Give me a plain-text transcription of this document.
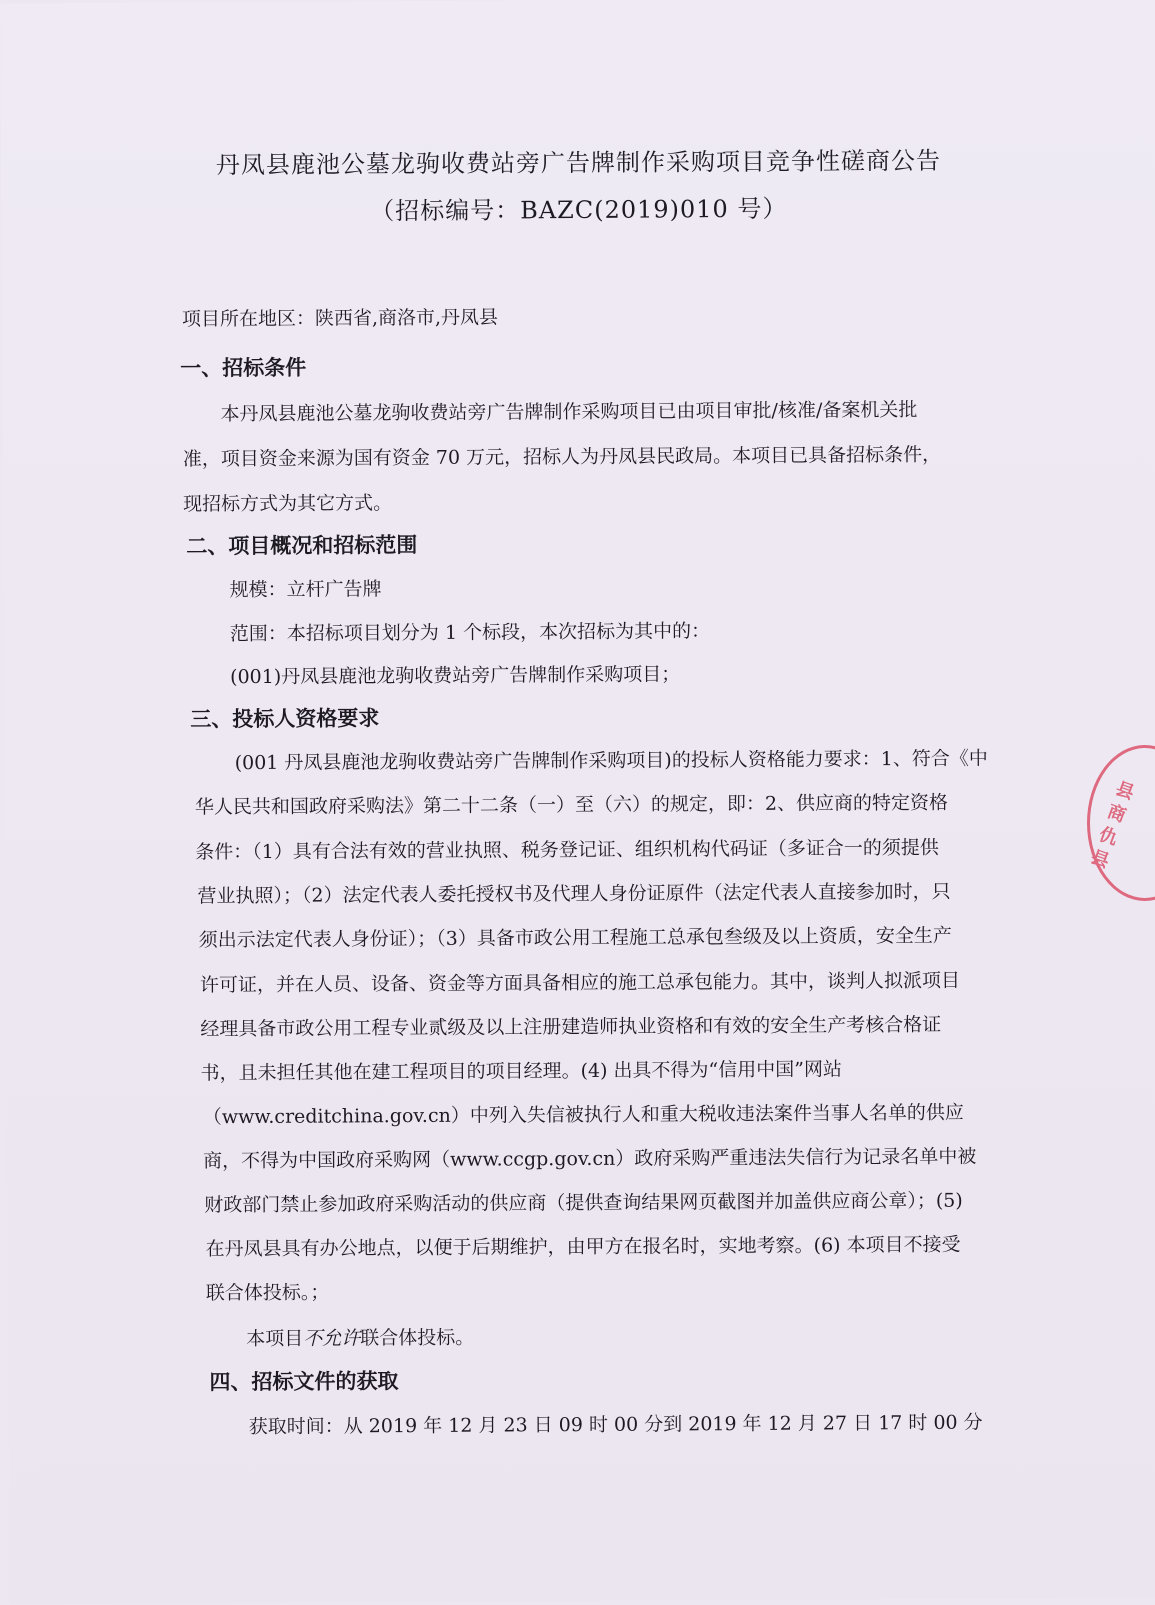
丹凤县鹿池公墓龙驹收费站旁广告牌制作采购项目竞争性磋商公告
（招标编号：BAZC(2019)010 号）
项目所在地区：陕西省,商洛市,丹凤县
一、招标条件
本丹凤县鹿池公墓龙驹收费站旁广告牌制作采购项目已由项目审批/核准/备案机关批
准，项目资金来源为国有资金 70 万元，招标人为丹凤县民政局。本项目已具备招标条件，
现招标方式为其它方式。
二、项目概况和招标范围
规模：立杆广告牌
范围：本招标项目划分为 1 个标段，本次招标为其中的：
(001)丹凤县鹿池龙驹收费站旁广告牌制作采购项目；
三、投标人资格要求
(001 丹凤县鹿池龙驹收费站旁广告牌制作采购项目)的投标人资格能力要求：1、符合《中
华人民共和国政府采购法》第二十二条（一）至（六）的规定，即：2、供应商的特定资格
条件：（1）具有合法有效的营业执照、税务登记证、组织机构代码证（多证合一的须提供
营业执照）；（2）法定代表人委托授权书及代理人身份证原件（法定代表人直接参加时，只
须出示法定代表人身份证）；（3）具备市政公用工程施工总承包叁级及以上资质，安全生产
许可证，并在人员、设备、资金等方面具备相应的施工总承包能力。其中，谈判人拟派项目
经理具备市政公用工程专业贰级及以上注册建造师执业资格和有效的安全生产考核合格证
书，且未担任其他在建工程项目的项目经理。(4) 出具不得为“信用中国”网站
（www.creditchina.gov.cn）中列入失信被执行人和重大税收违法案件当事人名单的供应
商，不得为中国政府采购网（www.ccgp.gov.cn）政府采购严重违法失信行为记录名单中被
财政部门禁止参加政府采购活动的供应商（提供查询结果网页截图并加盖供应商公章）；(5)
在丹凤县具有办公地点，以便于后期维护，由甲方在报名时，实地考察。(6) 本项目不接受
联合体投标。；
本项目不允许联合体投标。
四、招标文件的获取
获取时间：从 2019 年 12 月 23 日 09 时 00 分到 2019 年 12 月 27 日 17 时 00 分
县 商 仇 县
